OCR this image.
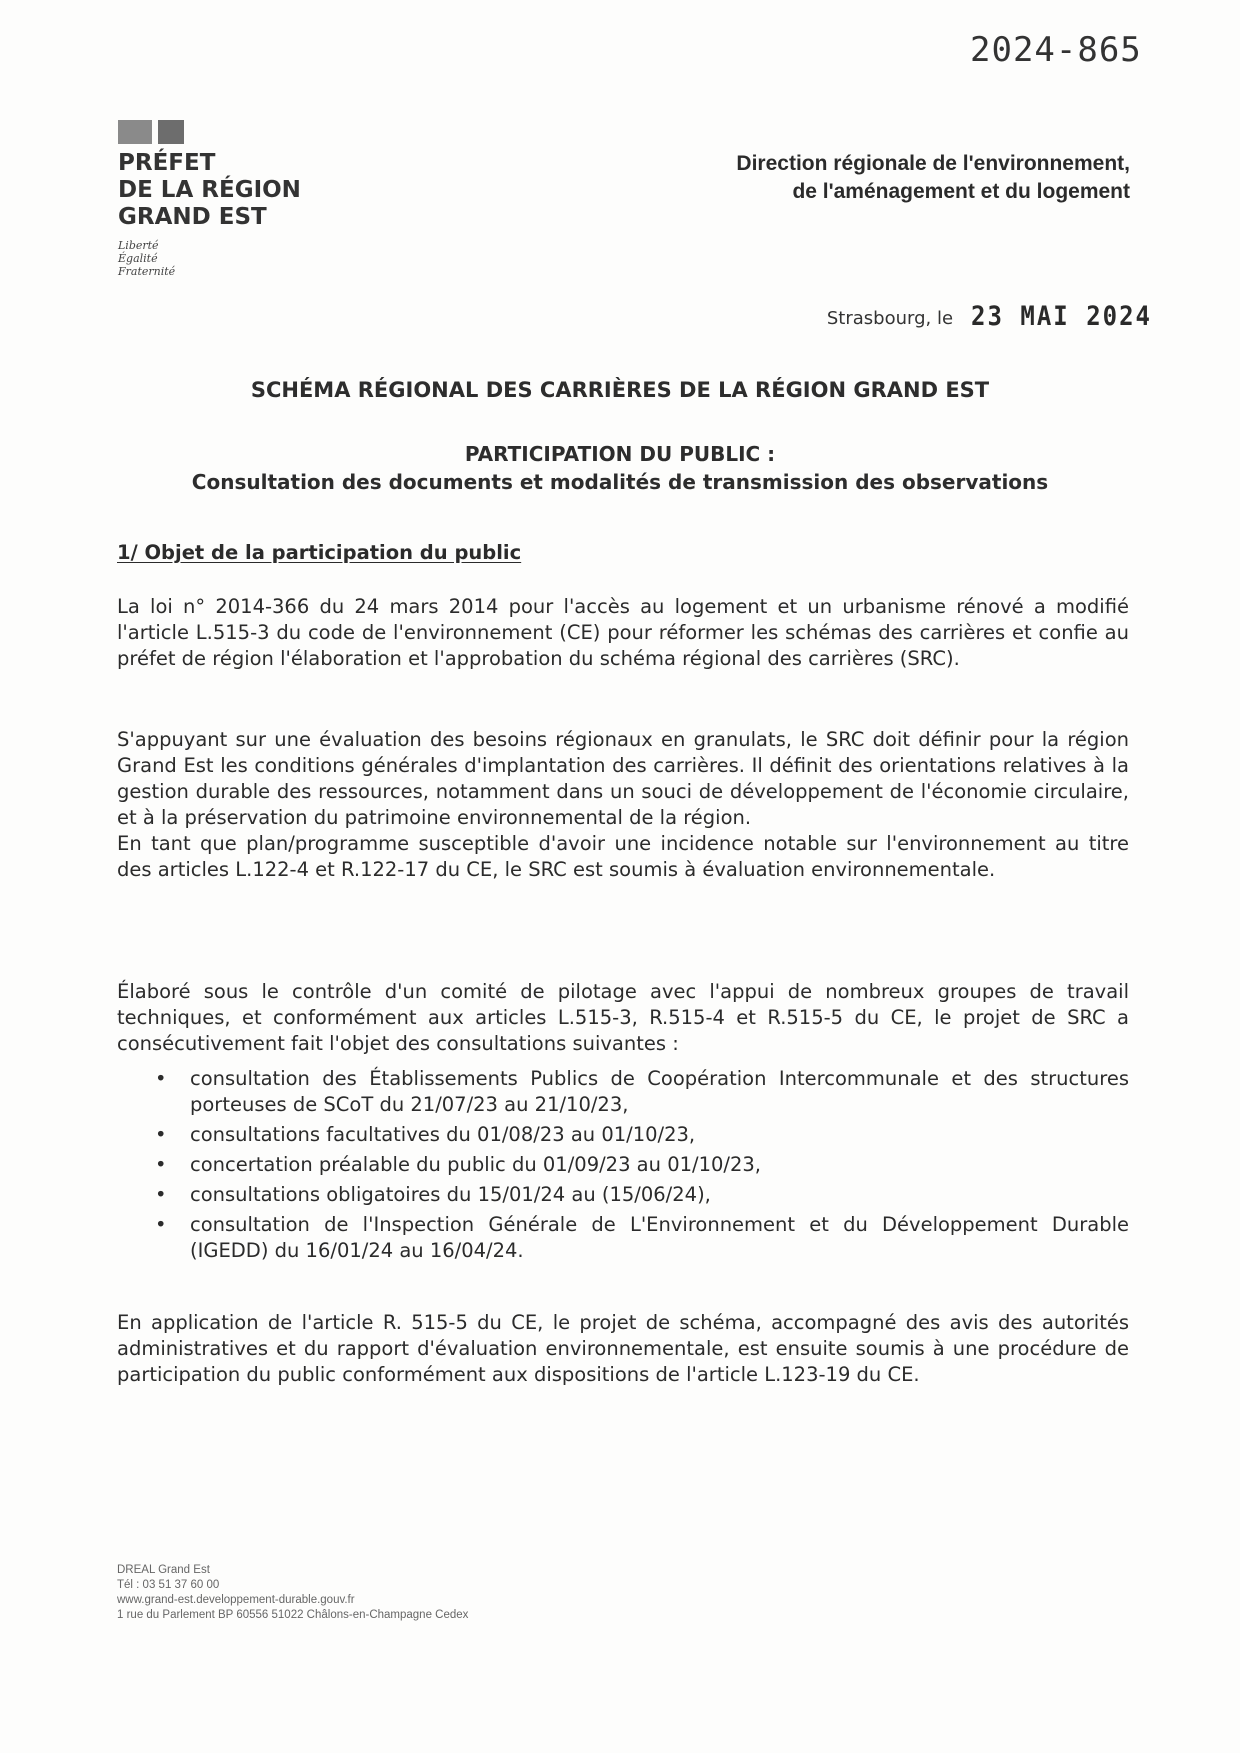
2024-865
PRÉFET
DE LA RÉGION
GRAND EST
Liberté
Égalité
Fraternité
Direction régionale de l'environnement,
de l'aménagement et du logement
Strasbourg, le 23 MAI 2024
SCHÉMA RÉGIONAL DES CARRIÈRES DE LA RÉGION GRAND EST
PARTICIPATION DU PUBLIC :
Consultation des documents et modalités de transmission des observations
1/ Objet de la participation du public
La loi n° 2014-366 du 24 mars 2014 pour l'accès au logement et un urbanisme rénové a modifié l'article L.515-3 du code de l'environnement (CE) pour réformer les schémas des carrières et confie au préfet de région l'élaboration et l'approbation du schéma régional des carrières (SRC).
S'appuyant sur une évaluation des besoins régionaux en granulats, le SRC doit définir pour la région Grand Est les conditions générales d'implantation des carrières. Il définit des orientations relatives à la gestion durable des ressources, notamment dans un souci de développement de l'économie circulaire, et à la préservation du patrimoine environnemental de la région.
En tant que plan/programme susceptible d'avoir une incidence notable sur l'environnement au titre des articles L.122-4 et R.122-17 du CE, le SRC est soumis à évaluation environnementale.
Élaboré sous le contrôle d'un comité de pilotage avec l'appui de nombreux groupes de travail techniques, et conformément aux articles L.515-3, R.515-4 et R.515-5 du CE, le projet de SRC a consécutivement fait l'objet des consultations suivantes :
• consultation des Établissements Publics de Coopération Intercommunale et des structures porteuses de SCoT du 21/07/23 au 21/10/23,
• consultations facultatives du 01/08/23 au 01/10/23,
• concertation préalable du public du 01/09/23 au 01/10/23,
• consultations obligatoires du 15/01/24 au (15/06/24),
• consultation de l'Inspection Générale de L'Environnement et du Développement Durable (IGEDD) du 16/01/24 au 16/04/24.
En application de l'article R. 515-5 du CE, le projet de schéma, accompagné des avis des autorités administratives et du rapport d'évaluation environnementale, est ensuite soumis à une procédure de participation du public conformément aux dispositions de l'article L.123-19 du CE.
DREAL Grand Est
Tél : 03 51 37 60 00
www.grand-est.developpement-durable.gouv.fr
1 rue du Parlement BP 60556 51022 Châlons-en-Champagne Cedex
